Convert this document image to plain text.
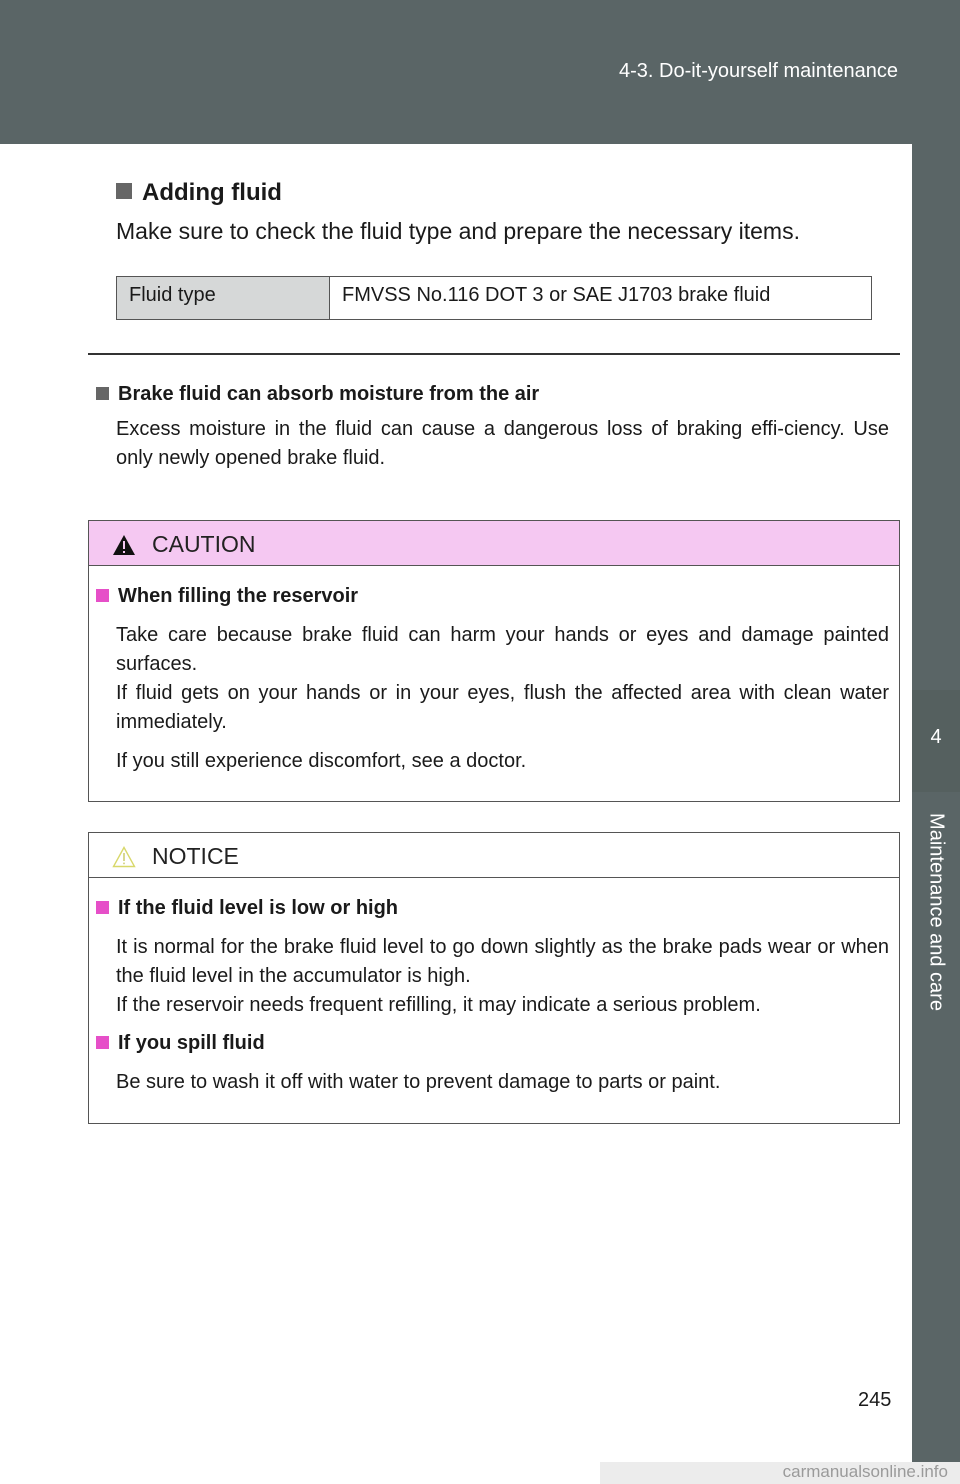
4-3. Do-it-yourself maintenance
4
Maintenance and care
Adding fluid
Make sure to check the fluid type and prepare the necessary items.
Fluid type	FMVSS No.116 DOT 3 or SAE J1703 brake fluid
Brake fluid can absorb moisture from the air
Excess moisture in the fluid can cause a dangerous loss of braking effi-ciency. Use only newly opened brake fluid.
CAUTION
When filling the reservoir
Take care because brake fluid can harm your hands or eyes and damage painted surfaces.
If fluid gets on your hands or in your eyes, flush the affected area with clean water immediately.
If you still experience discomfort, see a doctor.
NOTICE
If the fluid level is low or high
It is normal for the brake fluid level to go down slightly as the brake pads wear or when the fluid level in the accumulator is high.
If the reservoir needs frequent refilling, it may indicate a serious problem.
If you spill fluid
Be sure to wash it off with water to prevent damage to parts or paint.
245
carmanualsonline.info
